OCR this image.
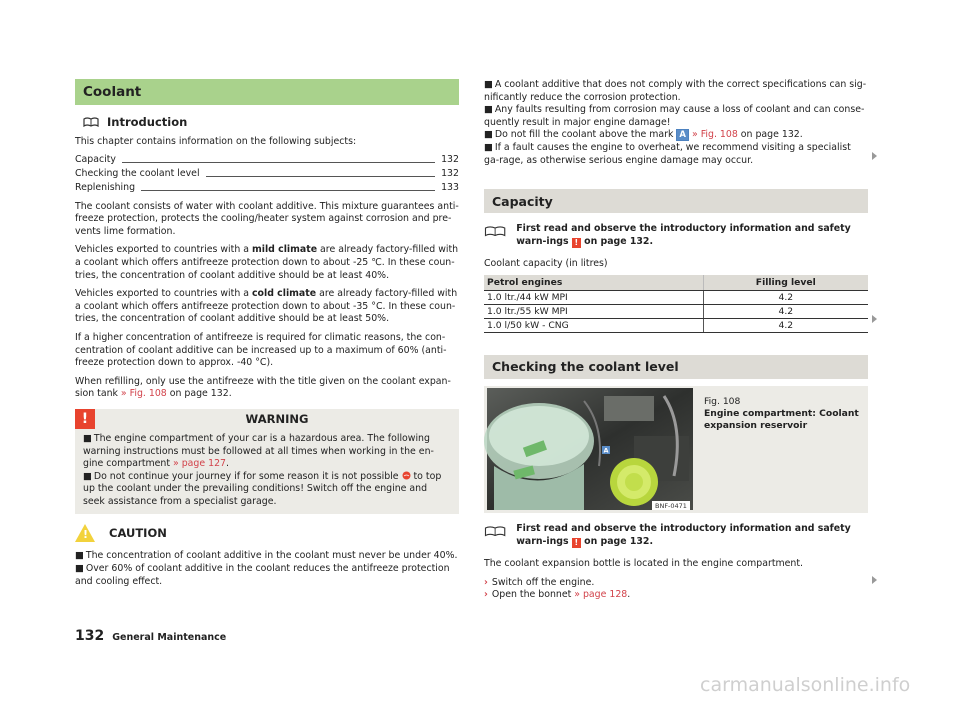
Coolant
Introduction

This chapter contains information on the following subjects:

Capacity	132
Checking the coolant level	132
Replenishing	133

The coolant consists of water with coolant additive. This mixture guarantees anti-freeze protection, protects the cooling/heater system against corrosion and pre-vents lime formation.

Vehicles exported to countries with a mild climate are already factory-filled with a coolant which offers antifreeze protection down to about -25 ℃. In these coun-tries, the concentration of coolant additive should be at least 40%.

Vehicles exported to countries with a cold climate are already factory-filled with a coolant which offers antifreeze protection down to about -35 °C. In these coun-tries, the concentration of coolant additive should be at least 50%.

If a higher concentration of antifreeze is required for climatic reasons, the con-centration of coolant additive can be increased up to a maximum of 60% (anti-freeze protection down to approx. -40 °C).

When refilling, only use the antifreeze with the title given on the coolant expan-sion tank » Fig. 108 on page 132.

!	WARNING

■ The engine compartment of your car is a hazardous area. The following warning instructions must be followed at all times when working in the en-gine compartment » page 127.

■ Do not continue your journey if for some reason it is not possible  to top up the coolant under the prevailing conditions! Switch off the engine and seek assistance from a specialist garage.

! CAUTION

■ The concentration of coolant additive in the coolant must never be under 40%.

■ Over 60% of coolant additive in the coolant reduces the antifreeze protection and cooling effect.

■ A coolant additive that does not comply with the correct specifications can sig-nificantly reduce the corrosion protection.

■ Any faults resulting from corrosion may cause a loss of coolant and can conse-quently result in major engine damage!

■ Do not fill the coolant above the mark A » Fig. 108 on page 132.

■ If a fault causes the engine to overheat, we recommend visiting a specialist ga-rage, as otherwise serious engine damage may occur.

Capacity
First read and observe the introductory information and safety warn-ings ! on page 132.

Coolant capacity (in litres)

Petrol engines	Filling level
1.0 ltr./44 kW MPI	4.2
1.0 ltr./55 kW MPI	4.2
1.0 l/50 kW - CNG	4.2
Checking the coolant level
BNF-0471
A
Fig. 108
Engine compartment: Coolant expansion reservoir
First read and observe the introductory information and safety warn-ings ! on page 132.

The coolant expansion bottle is located in the engine compartment.

› Switch off the engine.
› Open the bonnet » page 128.
132 General Maintenance
carmanualsonline.info
